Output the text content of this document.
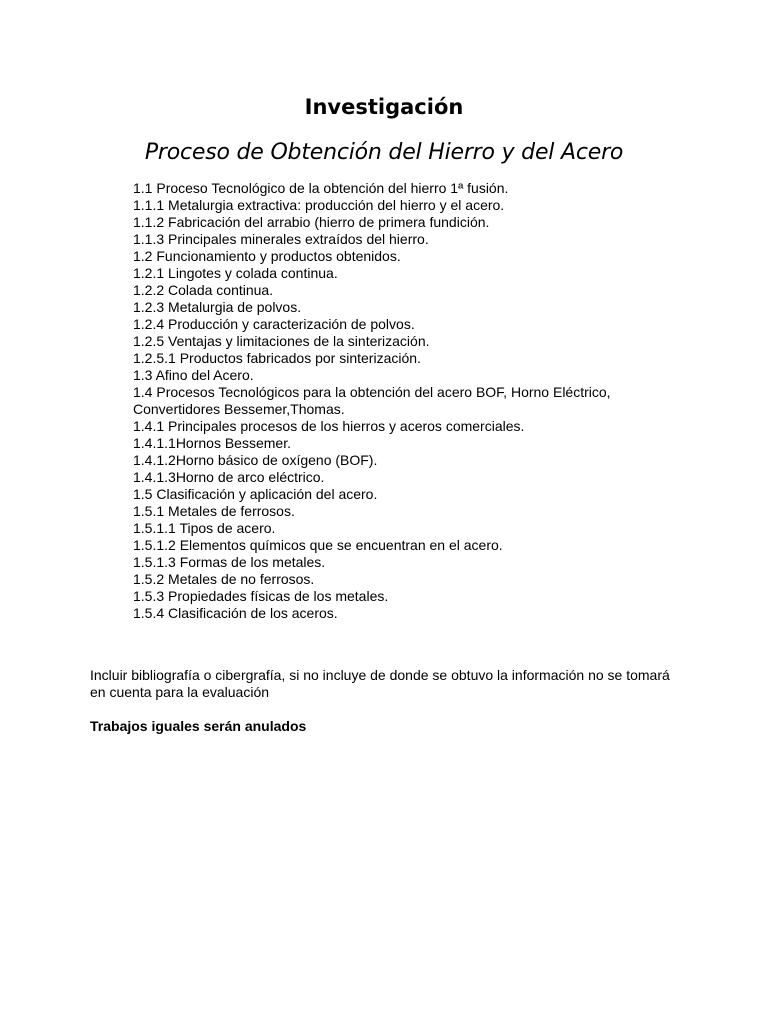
Investigación
Proceso de Obtención del Hierro y del Acero
1.1 Proceso Tecnológico de la obtención del hierro 1ª fusión.
1.1.1 Metalurgia extractiva: producción del hierro y el acero.
1.1.2 Fabricación del arrabio (hierro de primera fundición.
1.1.3 Principales minerales extraídos del hierro.
1.2 Funcionamiento y productos obtenidos.
1.2.1 Lingotes y colada continua.
1.2.2 Colada continua.
1.2.3 Metalurgia de polvos.
1.2.4 Producción y caracterización de polvos.
1.2.5 Ventajas y limitaciones de la sinterización.
1.2.5.1 Productos fabricados por sinterización.
1.3 Afino del Acero.
1.4 Procesos Tecnológicos para la obtención del acero BOF, Horno Eléctrico, Convertidores Bessemer,Thomas.
1.4.1 Principales procesos de los hierros y aceros comerciales.
1.4.1.1Hornos Bessemer.
1.4.1.2Horno básico de oxígeno (BOF).
1.4.1.3Horno de arco eléctrico.
1.5 Clasificación y aplicación del acero.
1.5.1 Metales de ferrosos.
1.5.1.1 Tipos de acero.
1.5.1.2 Elementos químicos que se encuentran en el acero.
1.5.1.3 Formas de los metales.
1.5.2 Metales de no ferrosos.
1.5.3 Propiedades físicas de los metales.
1.5.4 Clasificación de los aceros.

Incluir bibliografía o cibergrafía, si no incluye de donde se obtuvo la información no se tomará en cuenta para la evaluación

Trabajos iguales serán anulados
